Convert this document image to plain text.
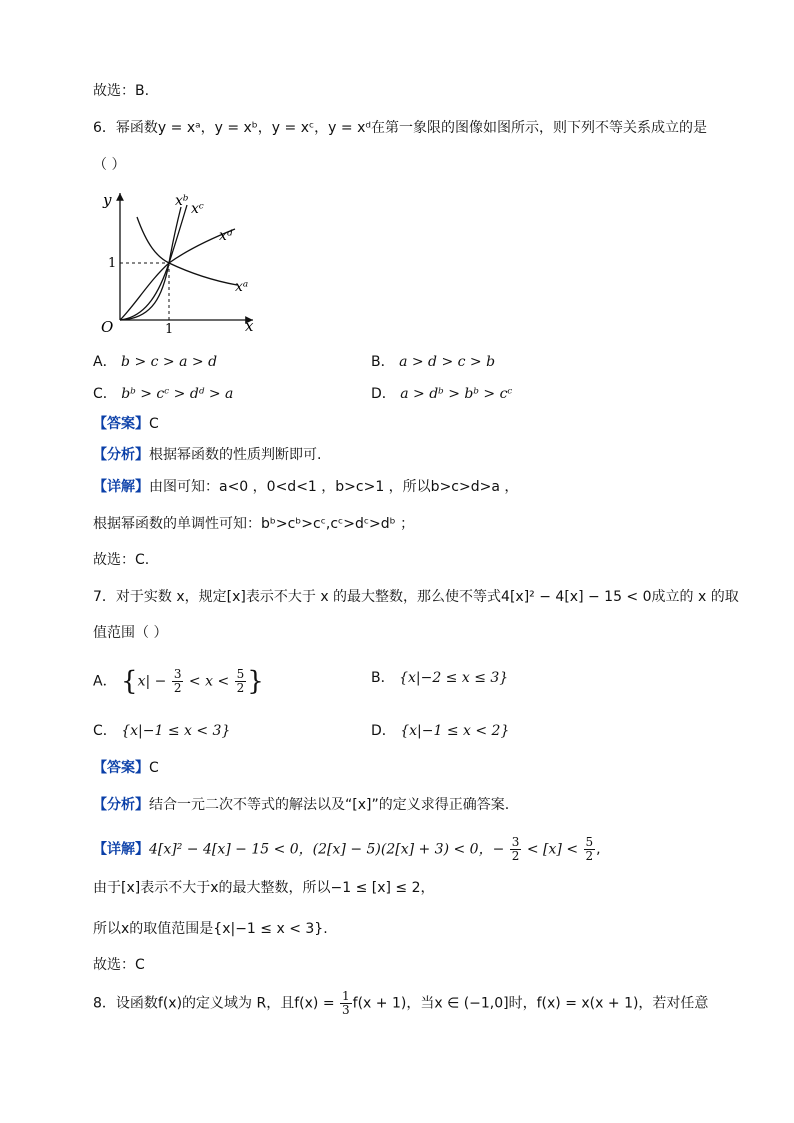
故选：B.
6．幂函数y = xᵃ，y = xᵇ，y = xᶜ，y = xᵈ在第一象限的图像如图所示，则下列不等关系成立的是
（ ）
y
x
O	1
1
xᵇ xᶜ
xᵈ
xᵃ
A． b > c > a > d	B． a > d > c > b
C． bᵇ > cᶜ > dᵈ > a	D． a > dᵇ > bᵇ > cᶜ
【答案】C
【分析】根据幂函数的性质判断即可.
【详解】由图可知：a<0 ，0<d<1 ，b>c>1 ，所以b>c>d>a ，
根据幂函数的单调性可知：bᵇ>cᵇ>cᶜ,cᶜ>dᶜ>dᵇ ；
故选：C.
7．对于实数 x，规定[x]表示不大于 x 的最大整数，那么使不等式4[x]² − 4[x] − 15 < 0成立的 x 的取
值范围（ ）
A． {$x| - \frac{3}{2} < x < \frac{5}{2}$ }	B． {x|−2 ≤ x ≤ 3}
C． {x|−1 ≤ x < 3}	D． {x|−1 ≤ x < 2}
【答案】C
【分析】结合一元二次不等式的解法以及“[x]”的定义求得正确答案.
【详解】4[x]² − 4[x] − 15 < 0，(2[x] − 5)(2[x] + 3) < 0，− $\frac{3}{2} < [x] < \frac{5}{2}$ ,
由于[x]表示不大于x的最大整数，所以−1 ≤ [x] ≤ 2，
所以x的取值范围是{x|−1 ≤ x < 3}.
故选：C
8．设函数f(x)的定义域为 R，且$f(x) = \frac{1}{3} f(x + 1)$，当x ∈ (−1,0]时，f(x) = x(x + 1)，若对任意
